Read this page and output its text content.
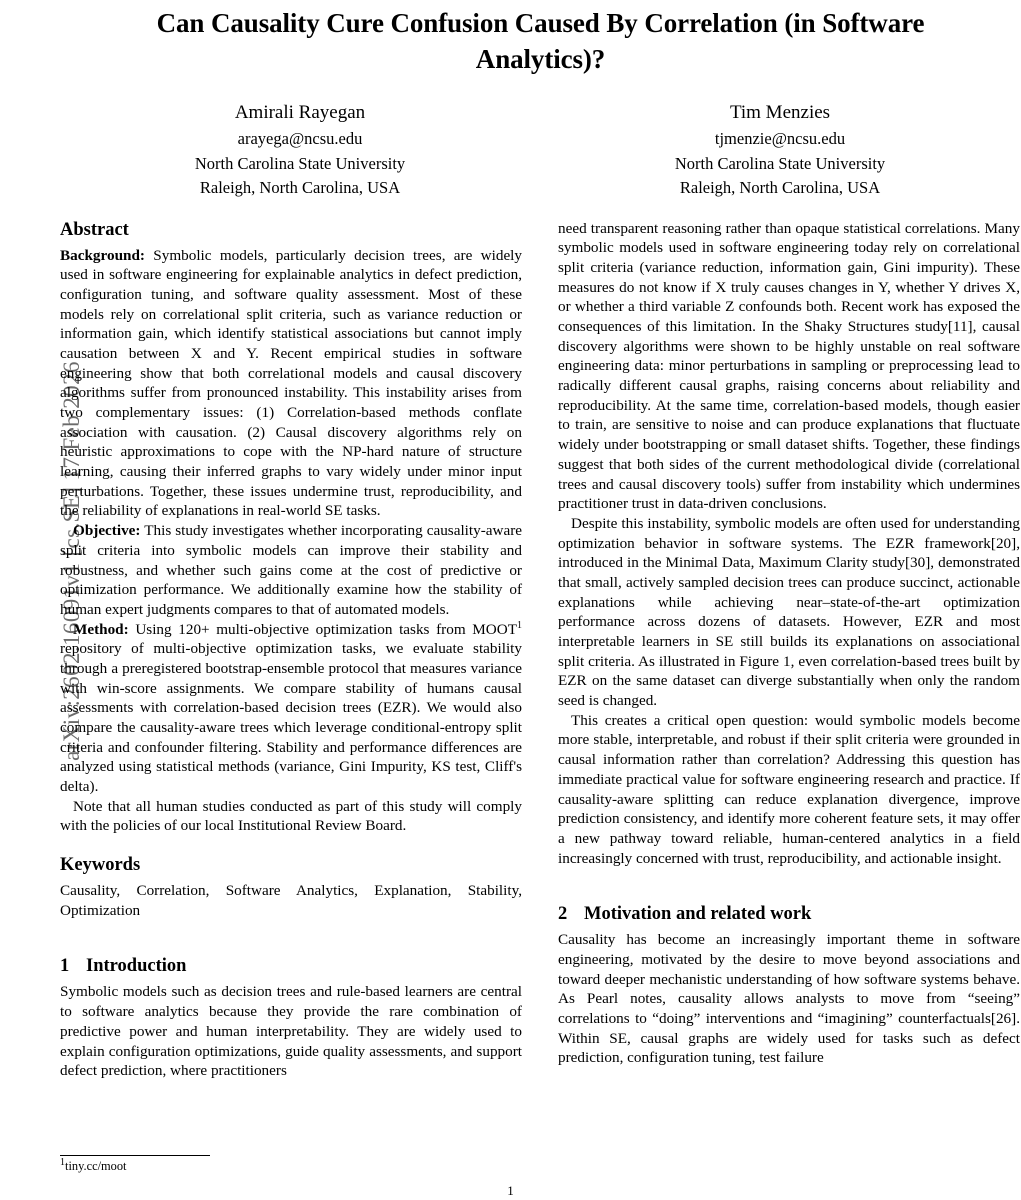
arXiv:2602.16091v1 [cs.SE] 17 Feb 2026
Can Causality Cure Confusion Caused By Correlation (in Software Analytics)?
Amirali Rayegan
arayega@ncsu.edu
North Carolina State University
Raleigh, North Carolina, USA
Tim Menzies
tjmenzie@ncsu.edu
North Carolina State University
Raleigh, North Carolina, USA
Abstract

Background: Symbolic models, particularly decision trees, are widely used in software engineering for explainable analytics in defect prediction, configuration tuning, and software quality assessment. Most of these models rely on correlational split criteria, such as variance reduction or information gain, which identify statistical associations but cannot imply causation between X and Y. Recent empirical studies in software engineering show that both correlational models and causal discovery algorithms suffer from pronounced instability. This instability arises from two complementary issues: (1) Correlation-based methods conflate association with causation. (2) Causal discovery algorithms rely on heuristic approximations to cope with the NP-hard nature of structure learning, causing their inferred graphs to vary widely under minor input perturbations. Together, these issues undermine trust, reproducibility, and the reliability of explanations in real-world SE tasks.

Objective: This study investigates whether incorporating causality-aware split criteria into symbolic models can improve their stability and robustness, and whether such gains come at the cost of predictive or optimization performance. We additionally examine how the stability of human expert judgments compares to that of automated models.

Method: Using 120+ multi-objective optimization tasks from MOOT$^1$ repository of multi-objective optimization tasks, we evaluate stability through a preregistered bootstrap-ensemble protocol that measures variance with win-score assignments. We compare stability of humans causal assessments with correlation-based decision trees (EZR). We would also compare the causality-aware trees which leverage conditional-entropy split criteria and confounder filtering. Stability and performance differences are analyzed using statistical methods (variance, Gini Impurity, KS test, Cliff's delta).

Note that all human studies conducted as part of this study will comply with the policies of our local Institutional Review Board.

Keywords

Causality, Correlation, Software Analytics, Explanation, Stability, Optimization

1 Introduction

Symbolic models such as decision trees and rule-based learners are central to software analytics because they provide the rare combination of predictive power and human interpretability. They are widely used to explain configuration optimizations, guide quality assessments, and support defect prediction, where practitioners

need transparent reasoning rather than opaque statistical correlations. Many symbolic models used in software engineering today rely on correlational split criteria (variance reduction, information gain, Gini impurity). These measures do not know if X truly causes changes in Y, whether Y drives X, or whether a third variable Z confounds both. Recent work has exposed the consequences of this limitation. In the Shaky Structures study[11], causal discovery algorithms were shown to be highly unstable on real software engineering data: minor perturbations in sampling or preprocessing lead to radically different causal graphs, raising concerns about reliability and reproducibility. At the same time, correlation-based models, though easier to train, are sensitive to noise and can produce explanations that fluctuate widely under bootstrapping or small dataset shifts. Together, these findings suggest that both sides of the current methodological divide (correlational trees and causal discovery tools) suffer from instability which undermines practitioner trust in data-driven conclusions.

Despite this instability, symbolic models are often used for understanding optimization behavior in software systems. The EZR framework[20], introduced in the Minimal Data, Maximum Clarity study[30], demonstrated that small, actively sampled decision trees can produce succinct, actionable explanations while achieving near–state-of-the-art optimization performance across dozens of datasets. However, EZR and most interpretable learners in SE still builds its explanations on associational split criteria. As illustrated in Figure 1, even correlation-based trees built by EZR on the same dataset can diverge substantially when only the random seed is changed.

This creates a critical open question: would symbolic models become more stable, interpretable, and robust if their split criteria were grounded in causal information rather than correlation? Addressing this question has immediate practical value for software engineering research and practice. If causality-aware splitting can reduce explanation divergence, improve prediction consistency, and identify more coherent feature sets, it may offer a new pathway toward reliable, human-centered analytics in a field increasingly concerned with trust, reproducibility, and actionable insight.

2 Motivation and related work

Causality has become an increasingly important theme in software engineering, motivated by the desire to move beyond associations and toward deeper mechanistic understanding of how software systems behave. As Pearl notes, causality allows analysts to move from “seeing” correlations to “doing” interventions and “imagining” counterfactuals[26]. Within SE, causal graphs are widely used for tasks such as defect prediction, configuration tuning, test failure

$^1$tiny.cc/moot
1
